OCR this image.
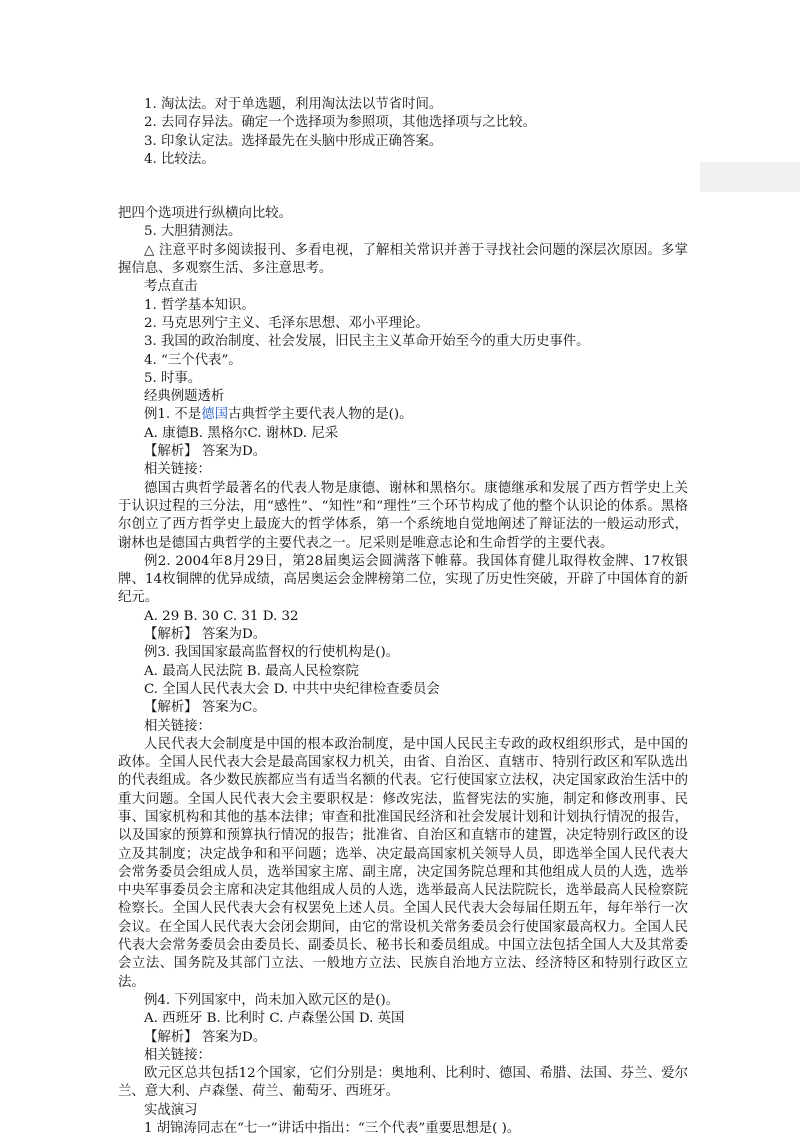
1. 淘汰法。对于单选题，利用淘汰法以节省时间。
2. 去同存异法。确定一个选择项为参照项，其他选择项与之比较。
3. 印象认定法。选择最先在头脑中形成正确答案。
4. 比较法。
把四个选项进行纵横向比较。
5. 大胆猜测法。
△ 注意平时多阅读报刊、多看电视，了解相关常识并善于寻找社会问题的深层次原因。多掌握信息、多观察生活、多注意思考。
考点直击
1. 哲学基本知识。
2. 马克思列宁主义、毛泽东思想、邓小平理论。
3. 我国的政治制度、社会发展，旧民主主义革命开始至今的重大历史事件。
4. “三个代表”。
5. 时事。
经典例题透析
例1. 不是德国古典哲学主要代表人物的是()。
A. 康德B. 黑格尔C. 谢林D. 尼采
【解析】 答案为D。
相关链接：
德国古典哲学最著名的代表人物是康德、谢林和黑格尔。康德继承和发展了西方哲学史上关于认识过程的三分法，用“感性”、“知性”和“理性”三个环节构成了他的整个认识论的体系。黑格尔创立了西方哲学史上最庞大的哲学体系，第一个系统地自觉地阐述了辩证法的一般运动形式，谢林也是德国古典哲学的主要代表之一。尼采则是唯意志论和生命哲学的主要代表。
例2. 2004年8月29日，第28届奥运会圆满落下帷幕。我国体育健儿取得枚金牌、17枚银牌、14枚铜牌的优异成绩，高居奥运会金牌榜第二位，实现了历史性突破，开辟了中国体育的新纪元。
A. 29 B. 30 C. 31 D. 32
【解析】 答案为D。
例3. 我国国家最高监督权的行使机构是()。
A. 最高人民法院 B. 最高人民检察院
C. 全国人民代表大会 D. 中共中央纪律检查委员会
【解析】 答案为C。
相关链接：
人民代表大会制度是中国的根本政治制度，是中国人民民主专政的政权组织形式，是中国的政体。全国人民代表大会是最高国家权力机关，由省、自治区、直辖市、特别行政区和军队选出的代表组成。各少数民族都应当有适当名额的代表。它行使国家立法权，决定国家政治生活中的重大问题。全国人民代表大会主要职权是：修改宪法，监督宪法的实施，制定和修改刑事、民事、国家机构和其他的基本法律；审查和批准国民经济和社会发展计划和计划执行情况的报告，以及国家的预算和预算执行情况的报告；批准省、自治区和直辖市的建置，决定特别行政区的设立及其制度；决定战争和和平问题；选举、决定最高国家机关领导人员，即选举全国人民代表大会常务委员会组成人员，选举国家主席、副主席，决定国务院总理和其他组成人员的人选，选举中央军事委员会主席和决定其他组成人员的人选，选举最高人民法院院长，选举最高人民检察院检察长。全国人民代表大会有权罢免上述人员。全国人民代表大会每届任期五年，每年举行一次会议。在全国人民代表大会闭会期间，由它的常设机关常务委员会行使国家最高权力。全国人民代表大会常务委员会由委员长、副委员长、秘书长和委员组成。中国立法包括全国人大及其常委会立法、国务院及其部门立法、一般地方立法、民族自治地方立法、经济特区和特别行政区立法。
例4. 下列国家中，尚未加入欧元区的是()。
A. 西班牙 B. 比利时 C. 卢森堡公国 D. 英国
【解析】 答案为D。
相关链接：
欧元区总共包括12个国家，它们分别是：奥地利、比利时、德国、希腊、法国、芬兰、爱尔兰、意大利、卢森堡、荷兰、葡萄牙、西班牙。
实战演习
1 胡锦涛同志在“七一”讲话中指出：“三个代表”重要思想是( )。
